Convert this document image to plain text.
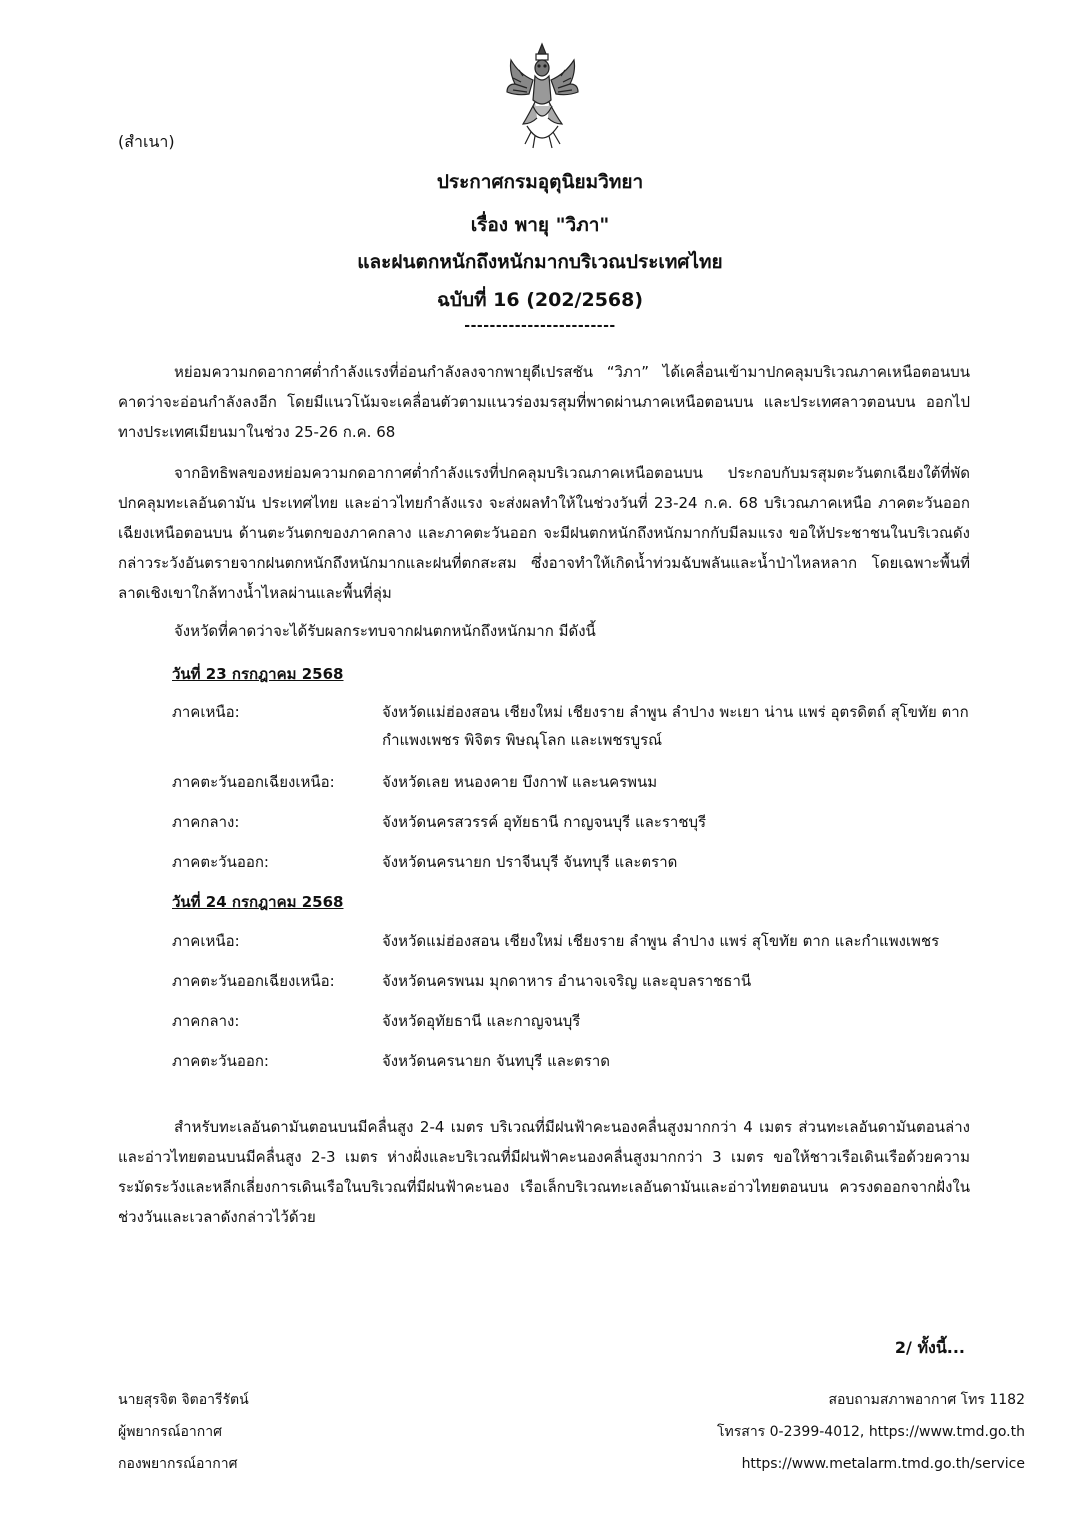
(สำเนา)
ประกาศกรมอุตุนิยมวิทยา
เรื่อง พายุ "วิภา"
และฝนตกหนักถึงหนักมากบริเวณประเทศไทย
ฉบับที่ 16 (202/2568)
------------------------
หย่อมความกดอากาศต่ำกำลังแรงที่อ่อนกำลังลงจากพายุดีเปรสชัน “วิภา” ได้เคลื่อนเข้ามาปกคลุมบริเวณภาคเหนือตอนบน คาดว่าจะอ่อนกำลังลงอีก โดยมีแนวโน้มจะเคลื่อนตัวตามแนวร่องมรสุมที่พาดผ่านภาคเหนือตอนบน และประเทศลาวตอนบน ออกไปทางประเทศเมียนมาในช่วง 25-26 ก.ค. 68
จากอิทธิพลของหย่อมความกดอากาศต่ำกำลังแรงที่ปกคลุมบริเวณภาคเหนือตอนบน ประกอบกับมรสุมตะวันตกเฉียงใต้ที่พัดปกคลุมทะเลอันดามัน ประเทศไทย และอ่าวไทยกำลังแรง จะส่งผลทำให้ในช่วงวันที่ 23-24 ก.ค. 68 บริเวณภาคเหนือ ภาคตะวันออกเฉียงเหนือตอนบน ด้านตะวันตกของภาคกลาง และภาคตะวันออก จะมีฝนตกหนักถึงหนักมากกับมีลมแรง ขอให้ประชาชนในบริเวณดังกล่าวระวังอันตรายจากฝนตกหนักถึงหนักมากและฝนที่ตกสะสม ซึ่งอาจทำให้เกิดน้ำท่วมฉับพลันและน้ำป่าไหลหลาก โดยเฉพาะพื้นที่ลาดเชิงเขาใกล้ทางน้ำไหลผ่านและพื้นที่ลุ่ม
จังหวัดที่คาดว่าจะได้รับผลกระทบจากฝนตกหนักถึงหนักมาก มีดังนี้
วันที่ 23 กรกฎาคม 2568
ภาคเหนือ:	จังหวัดแม่ฮ่องสอน เชียงใหม่ เชียงราย ลำพูน ลำปาง พะเยา น่าน แพร่ อุตรดิตถ์ สุโขทัย ตาก กำแพงเพชร พิจิตร พิษณุโลก และเพชรบูรณ์
ภาคตะวันออกเฉียงเหนือ:	จังหวัดเลย หนองคาย บึงกาฬ และนครพนม
ภาคกลาง:	จังหวัดนครสวรรค์ อุทัยธานี กาญจนบุรี และราชบุรี
ภาคตะวันออก:	จังหวัดนครนายก ปราจีนบุรี จันทบุรี และตราด
วันที่ 24 กรกฎาคม 2568
ภาคเหนือ:	จังหวัดแม่ฮ่องสอน เชียงใหม่ เชียงราย ลำพูน ลำปาง แพร่ สุโขทัย ตาก และกำแพงเพชร
ภาคตะวันออกเฉียงเหนือ:	จังหวัดนครพนม มุกดาหาร อำนาจเจริญ และอุบลราชธานี
ภาคกลาง:	จังหวัดอุทัยธานี และกาญจนบุรี
ภาคตะวันออก:	จังหวัดนครนายก จันทบุรี และตราด
สำหรับทะเลอันดามันตอนบนมีคลื่นสูง 2-4 เมตร บริเวณที่มีฝนฟ้าคะนองคลื่นสูงมากกว่า 4 เมตร ส่วนทะเลอันดามันตอนล่าง และอ่าวไทยตอนบนมีคลื่นสูง 2-3 เมตร ห่างฝั่งและบริเวณที่มีฝนฟ้าคะนองคลื่นสูงมากกว่า 3 เมตร ขอให้ชาวเรือเดินเรือด้วยความระมัดระวังและหลีกเลี่ยงการเดินเรือในบริเวณที่มีฝนฟ้าคะนอง เรือเล็กบริเวณทะเลอันดามันและอ่าวไทยตอนบน ควรงดออกจากฝั่งในช่วงวันและเวลาดังกล่าวไว้ด้วย
2/ ทั้งนี้...
นายสุรจิต จิตอารีรัตน์
ผู้พยากรณ์อากาศ
กองพยากรณ์อากาศ
สอบถามสภาพอากาศ โทร 1182
โทรสาร 0-2399-4012, https://www.tmd.go.th
https://www.metalarm.tmd.go.th/service
